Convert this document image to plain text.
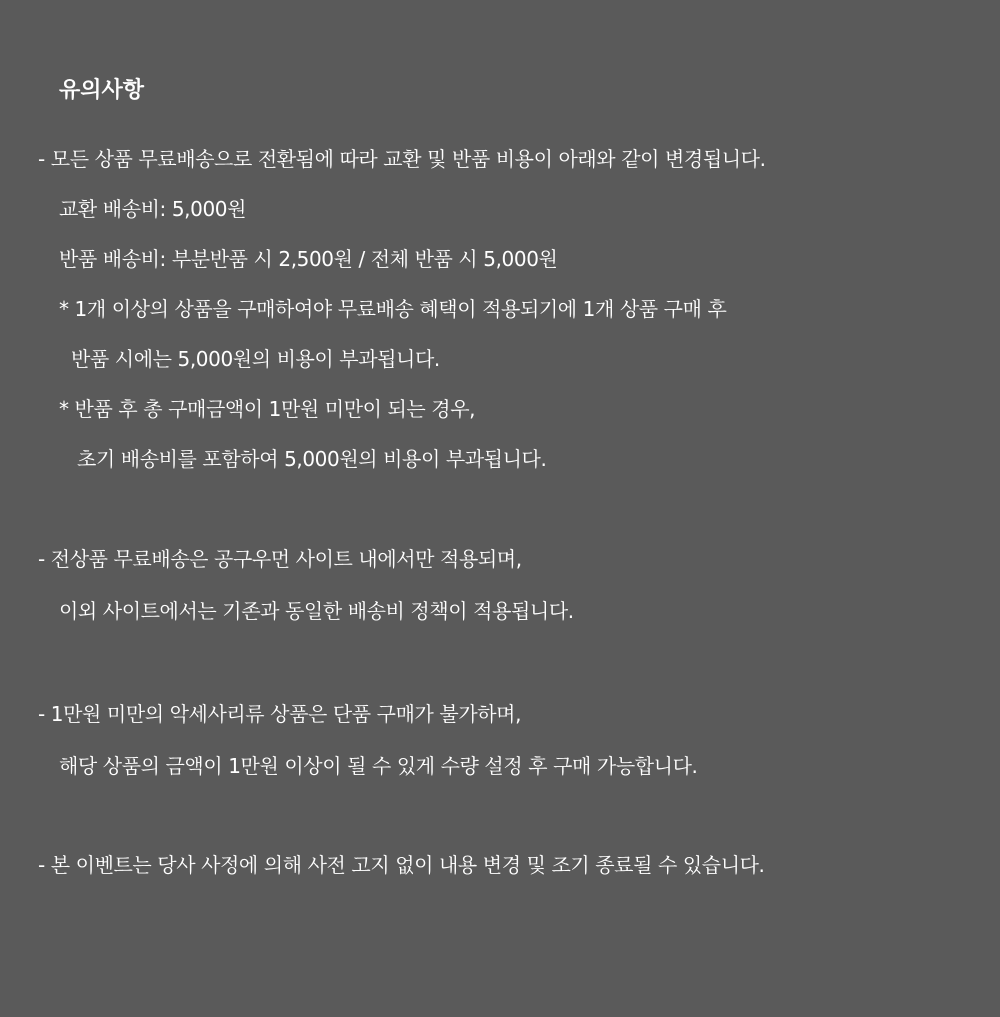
유의사항
- 모든 상품 무료배송으로 전환됨에 따라 교환 및 반품 비용이 아래와 같이 변경됩니다.
교환 배송비: 5,000원
반품 배송비: 부분반품 시 2,500원 / 전체 반품 시 5,000원
* 1개 이상의 상품을 구매하여야 무료배송 혜택이 적용되기에 1개 상품 구매 후
반품 시에는 5,000원의 비용이 부과됩니다.
* 반품 후 총 구매금액이 1만원 미만이 되는 경우,
초기 배송비를 포함하여 5,000원의 비용이 부과됩니다.
- 전상품 무료배송은 공구우먼 사이트 내에서만 적용되며,
이외 사이트에서는 기존과 동일한 배송비 정책이 적용됩니다.
- 1만원 미만의 악세사리류 상품은 단품 구매가 불가하며,
해당 상품의 금액이 1만원 이상이 될 수 있게 수량 설정 후 구매 가능합니다.
- 본 이벤트는 당사 사정에 의해 사전 고지 없이 내용 변경 및 조기 종료될 수 있습니다.
